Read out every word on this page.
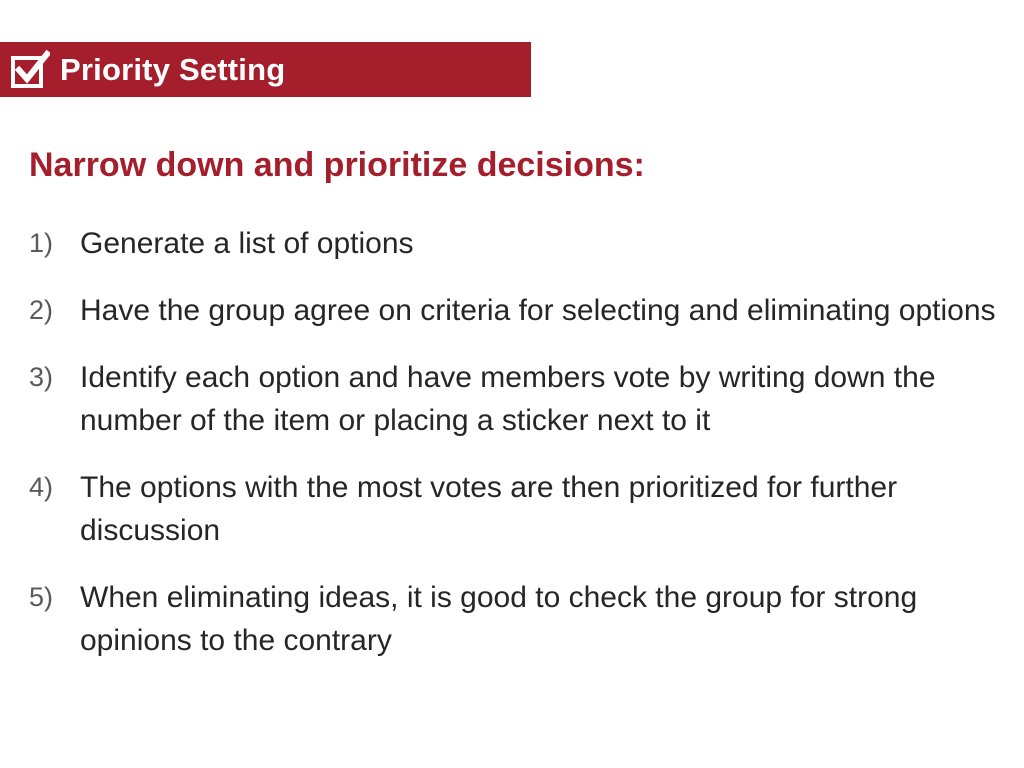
Priority Setting
Narrow down and prioritize decisions:
1) Generate a list of options
2) Have the group agree on criteria for selecting and eliminating options
3) Identify each option and have members vote by writing down the number of the item or placing a sticker next to it
4) The options with the most votes are then prioritized for further discussion
5) When eliminating ideas, it is good to check the group for strong opinions to the contrary
